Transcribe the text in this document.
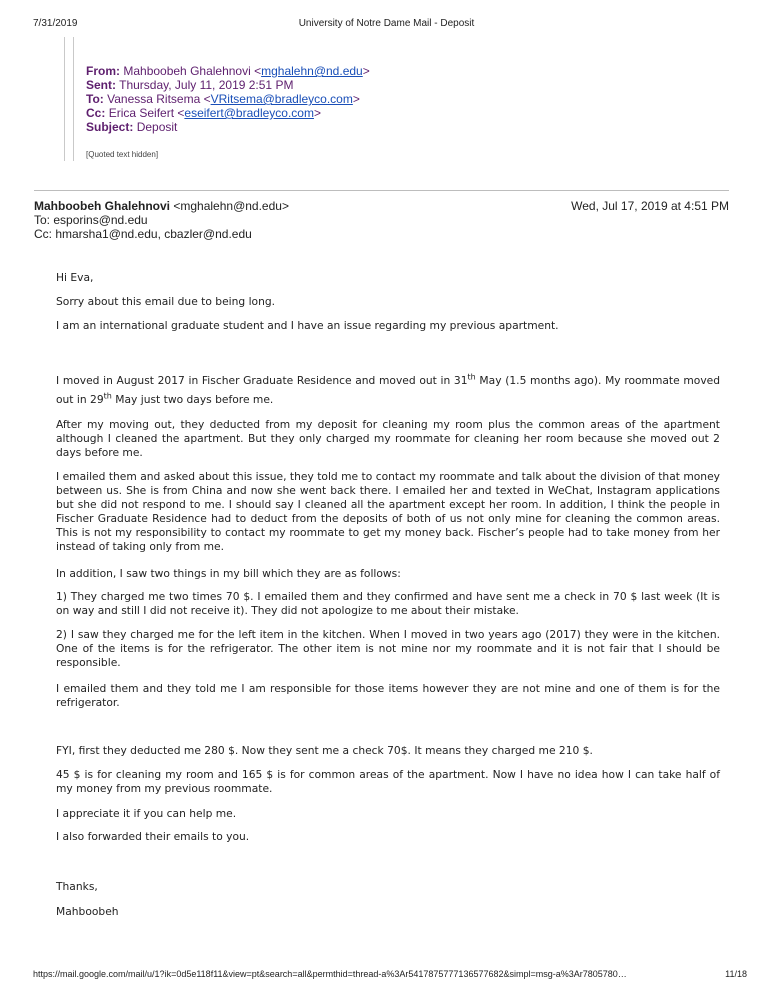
7/31/2019	University of Notre Dame Mail - Deposit
From: Mahboobeh Ghalehnovi <mghalehn@nd.edu>
Sent: Thursday, July 11, 2019 2:51 PM
To: Vanessa Ritsema <VRitsema@bradleyco.com>
Cc: Erica Seifert <eseifert@bradleyco.com>
Subject: Deposit
[Quoted text hidden]
Mahboobeh Ghalehnovi <mghalehn@nd.edu>	Wed, Jul 17, 2019 at 4:51 PM
To: esporins@nd.edu
Cc: hmarsha1@nd.edu, cbazler@nd.edu

Hi Eva,

Sorry about this email due to being long.

I am an international graduate student and I have an issue regarding my previous apartment.

I moved in August 2017 in Fischer Graduate Residence and moved out in 31th May (1.5 months ago). My roommate moved out in 29th May just two days before me.

After my moving out, they deducted from my deposit for cleaning my room plus the common areas of the apartment although I cleaned the apartment. But they only charged my roommate for cleaning her room because she moved out 2 days before me.

I emailed them and asked about this issue, they told me to contact my roommate and talk about the division of that money between us. She is from China and now she went back there. I emailed her and texted in WeChat, Instagram applications but she did not respond to me. I should say I cleaned all the apartment except her room. In addition, I think the people in Fischer Graduate Residence had to deduct from the deposits of both of us not only mine for cleaning the common areas. This is not my responsibility to contact my roommate to get my money back. Fischer’s people had to take money from her instead of taking only from me.

In addition, I saw two things in my bill which they are as follows:

1) They charged me two times 70 $. I emailed them and they confirmed and have sent me a check in 70 $ last week (It is on way and still I did not receive it). They did not apologize to me about their mistake.

2) I saw they charged me for the left item in the kitchen. When I moved in two years ago (2017) they were in the kitchen. One of the items is for the refrigerator. The other item is not mine nor my roommate and it is not fair that I should be responsible.

I emailed them and they told me I am responsible for those items however they are not mine and one of them is for the refrigerator.

FYI, first they deducted me 280 $. Now they sent me a check 70$. It means they charged me 210 $.

45 $ is for cleaning my room and 165 $ is for common areas of the apartment. Now I have no idea how I can take half of my money from my previous roommate.

I appreciate it if you can help me.

I also forwarded their emails to you.

Thanks,

Mahboobeh

https://mail.google.com/mail/u/1?ik=0d5e118f11&view=pt&search=all&permthid=thread-a%3Ar5417875777136577682&simpl=msg-a%3Ar7805780…	11/18
